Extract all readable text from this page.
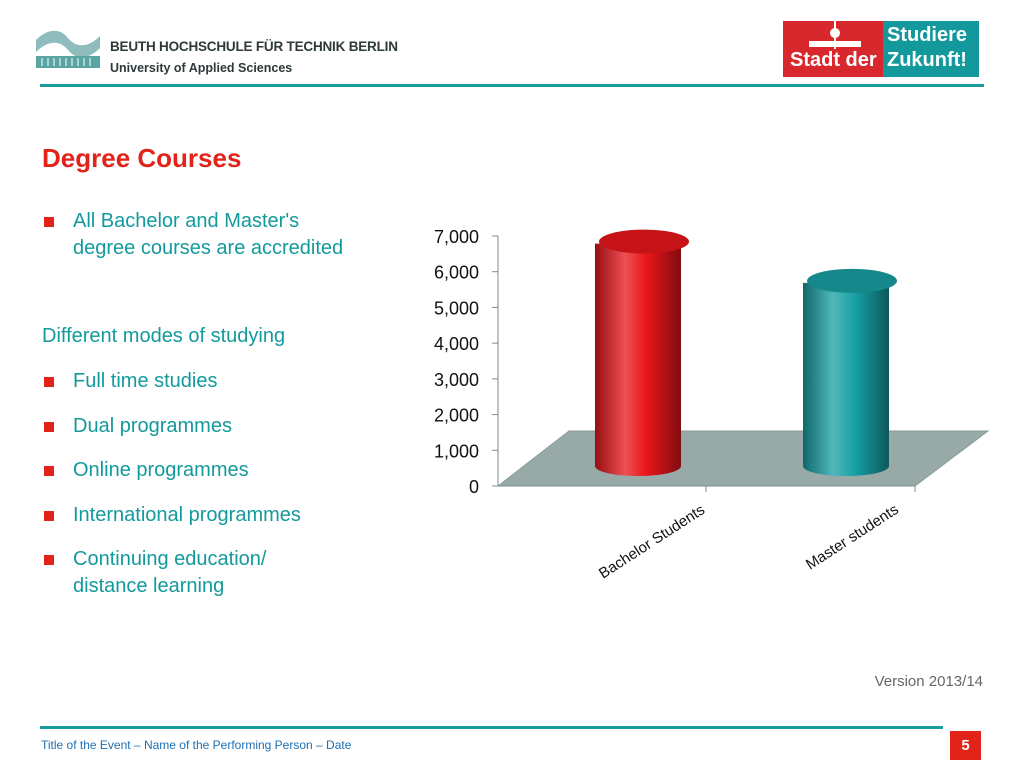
BEUTH HOCHSCHULE FÜR TECHNIK BERLIN
University of Applied Sciences
Studiere
Stadt der Zukunft!
Degree Courses
All Bachelor and Master's
degree courses are accredited
Different modes of studying
Full time studies
Dual programmes
Online programmes
International programmes
Continuing education/
distance learning
0
1,000
2,000
3,000
4,000
5,000
6,000
7,000
Bachelor Students	Master students
Version 2013/14
Title of the Event – Name of the Performing Person – Date	5
